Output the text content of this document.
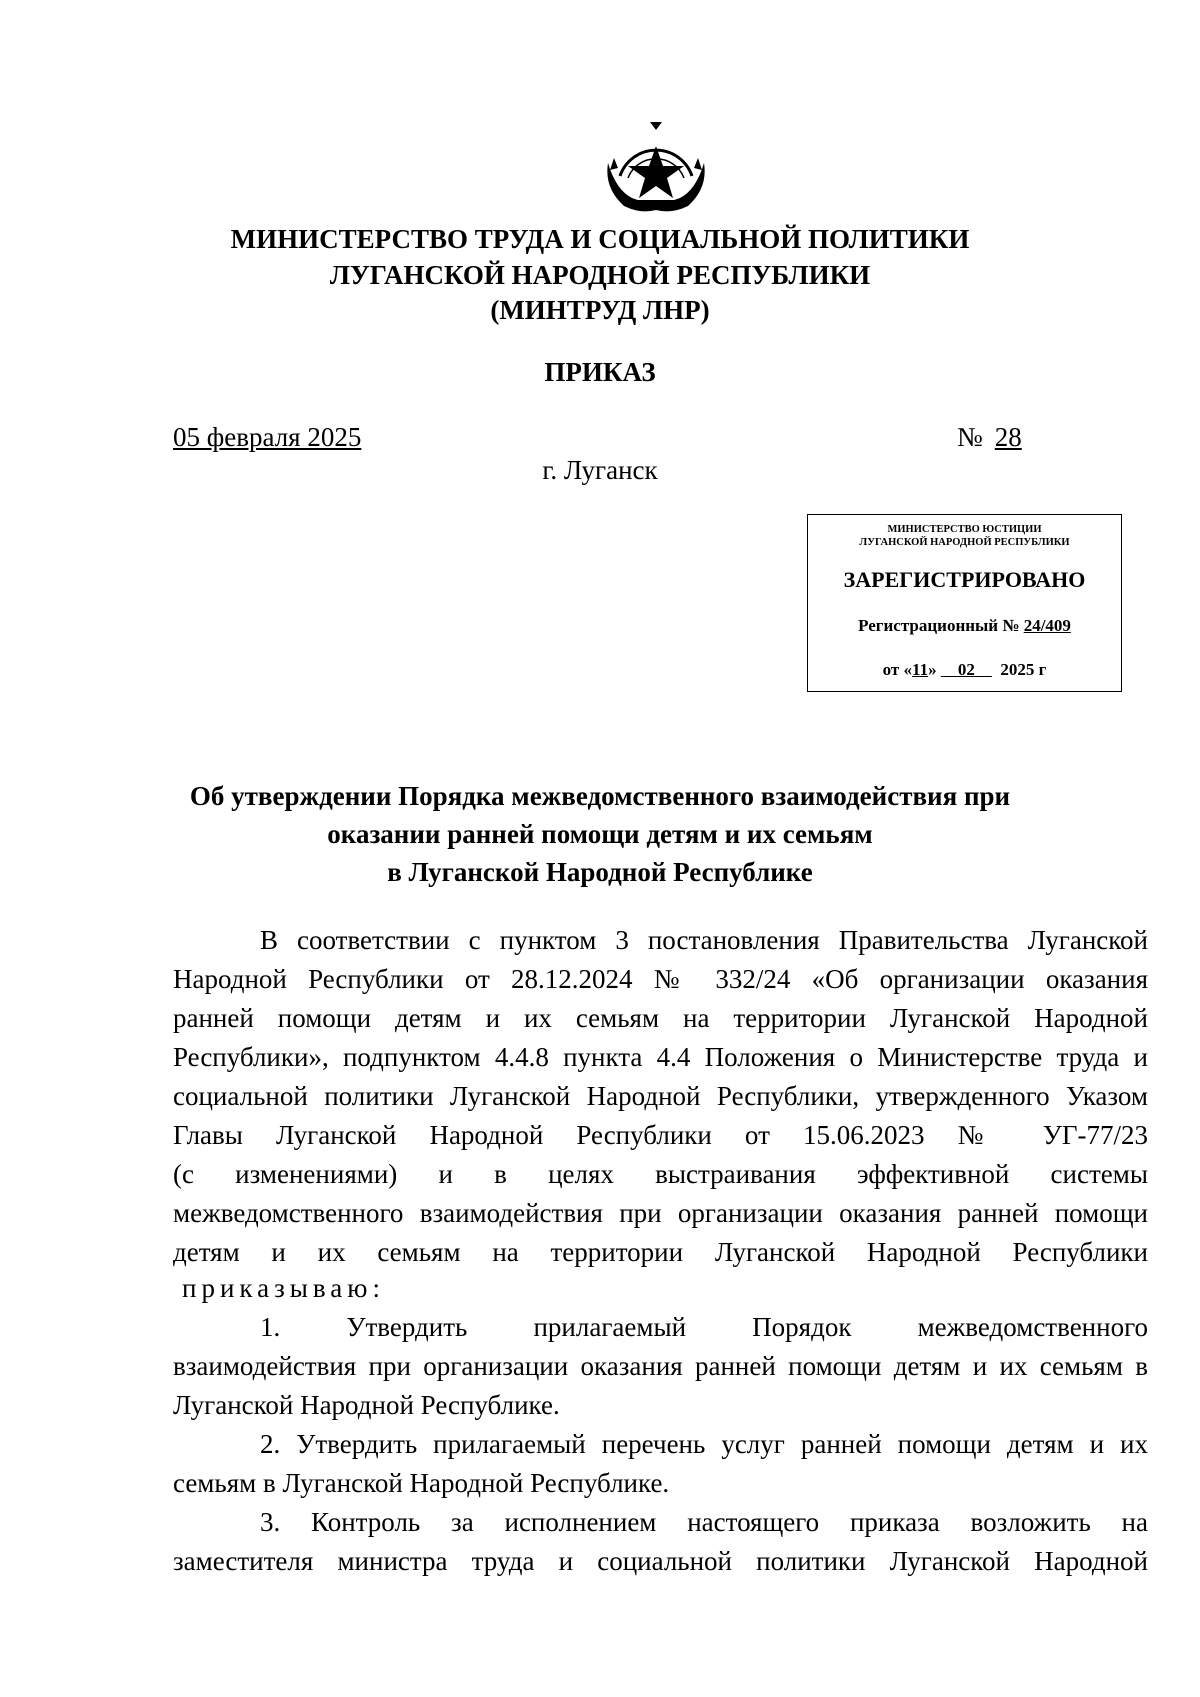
МИНИСТЕРСТВО ТРУДА И СОЦИАЛЬНОЙ ПОЛИТИКИ
ЛУГАНСКОЙ НАРОДНОЙ РЕСПУБЛИКИ
(МИНТРУД ЛНР)
ПРИКАЗ
05 февраля 2025	№ 28
г. Луганск
МИНИСТЕРСТВО ЮСТИЦИИ
ЛУГАНСКОЙ НАРОДНОЙ РЕСПУБЛИКИ
ЗАРЕГИСТРИРОВАНО
Регистрационный № 24/409
от «11» 02 2025 г
Об утверждении Порядка межведомственного взаимодействия при
оказании ранней помощи детям и их семьям
в Луганской Народной Республике
В соответствии с пунктом 3 постановления Правительства Луганской
Народной Республики от 28.12.2024 № 332/24 «Об организации оказания
ранней помощи детям и их семьям на территории Луганской Народной
Республики», подпунктом 4.4.8 пункта 4.4 Положения о Министерстве труда и
социальной политики Луганской Народной Республики, утвержденного Указом
Главы Луганской Народной Республики от 15.06.2023 № УГ-77/23
(с изменениями) и в целях выстраивания эффективной системы
межведомственного взаимодействия при организации оказания ранней помощи
детям и их семьям на территории Луганской Народной Республики
приказываю:
1. Утвердить прилагаемый Порядок межведомственного
взаимодействия при организации оказания ранней помощи детям и их семьям в
Луганской Народной Республике.
2. Утвердить прилагаемый перечень услуг ранней помощи детям и их
семьям в Луганской Народной Республике.
3. Контроль за исполнением настоящего приказа возложить на
заместителя министра труда и социальной политики Луганской Народной
